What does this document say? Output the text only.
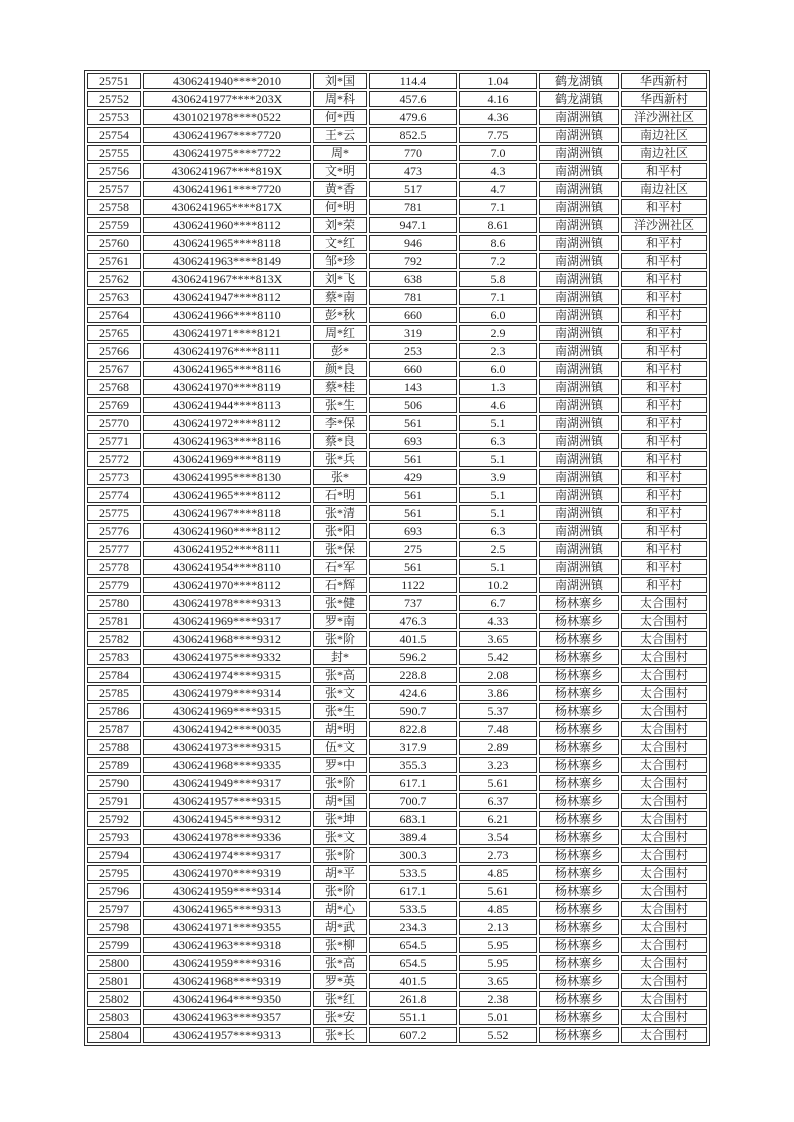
25751	4306241940****2010	刘*国	114.4	1.04	鹤龙湖镇	华西新村
25752	4306241977****203X	周*科	457.6	4.16	鹤龙湖镇	华西新村
25753	4301021978****0522	何*西	479.6	4.36	南湖洲镇	洋沙洲社区
25754	4306241967****7720	王*云	852.5	7.75	南湖洲镇	南边社区
25755	4306241975****7722	周*	770	7.0	南湖洲镇	南边社区
25756	4306241967****819X	文*明	473	4.3	南湖洲镇	和平村
25757	4306241961****7720	黄*香	517	4.7	南湖洲镇	南边社区
25758	4306241965****817X	何*明	781	7.1	南湖洲镇	和平村
25759	4306241960****8112	刘*荣	947.1	8.61	南湖洲镇	洋沙洲社区
25760	4306241965****8118	文*红	946	8.6	南湖洲镇	和平村
25761	4306241963****8149	邹*珍	792	7.2	南湖洲镇	和平村
25762	4306241967****813X	刘*飞	638	5.8	南湖洲镇	和平村
25763	4306241947****8112	蔡*南	781	7.1	南湖洲镇	和平村
25764	4306241966****8110	彭*秋	660	6.0	南湖洲镇	和平村
25765	4306241971****8121	周*红	319	2.9	南湖洲镇	和平村
25766	4306241976****8111	彭*	253	2.3	南湖洲镇	和平村
25767	4306241965****8116	颜*良	660	6.0	南湖洲镇	和平村
25768	4306241970****8119	蔡*桂	143	1.3	南湖洲镇	和平村
25769	4306241944****8113	张*生	506	4.6	南湖洲镇	和平村
25770	4306241972****8112	李*保	561	5.1	南湖洲镇	和平村
25771	4306241963****8116	蔡*良	693	6.3	南湖洲镇	和平村
25772	4306241969****8119	张*兵	561	5.1	南湖洲镇	和平村
25773	4306241995****8130	张*	429	3.9	南湖洲镇	和平村
25774	4306241965****8112	石*明	561	5.1	南湖洲镇	和平村
25775	4306241967****8118	张*清	561	5.1	南湖洲镇	和平村
25776	4306241960****8112	张*阳	693	6.3	南湖洲镇	和平村
25777	4306241952****8111	张*保	275	2.5	南湖洲镇	和平村
25778	4306241954****8110	石*军	561	5.1	南湖洲镇	和平村
25779	4306241970****8112	石*辉	1122	10.2	南湖洲镇	和平村
25780	4306241978****9313	张*健	737	6.7	杨林寨乡	太合围村
25781	4306241969****9317	罗*南	476.3	4.33	杨林寨乡	太合围村
25782	4306241968****9312	张*阶	401.5	3.65	杨林寨乡	太合围村
25783	4306241975****9332	封*	596.2	5.42	杨林寨乡	太合围村
25784	4306241974****9315	张*高	228.8	2.08	杨林寨乡	太合围村
25785	4306241979****9314	张*文	424.6	3.86	杨林寨乡	太合围村
25786	4306241969****9315	张*生	590.7	5.37	杨林寨乡	太合围村
25787	4306241942****0035	胡*明	822.8	7.48	杨林寨乡	太合围村
25788	4306241973****9315	伍*文	317.9	2.89	杨林寨乡	太合围村
25789	4306241968****9335	罗*中	355.3	3.23	杨林寨乡	太合围村
25790	4306241949****9317	张*阶	617.1	5.61	杨林寨乡	太合围村
25791	4306241957****9315	胡*国	700.7	6.37	杨林寨乡	太合围村
25792	4306241945****9312	张*坤	683.1	6.21	杨林寨乡	太合围村
25793	4306241978****9336	张*文	389.4	3.54	杨林寨乡	太合围村
25794	4306241974****9317	张*阶	300.3	2.73	杨林寨乡	太合围村
25795	4306241970****9319	胡*平	533.5	4.85	杨林寨乡	太合围村
25796	4306241959****9314	张*阶	617.1	5.61	杨林寨乡	太合围村
25797	4306241965****9313	胡*心	533.5	4.85	杨林寨乡	太合围村
25798	4306241971****9355	胡*武	234.3	2.13	杨林寨乡	太合围村
25799	4306241963****9318	张*柳	654.5	5.95	杨林寨乡	太合围村
25800	4306241959****9316	张*高	654.5	5.95	杨林寨乡	太合围村
25801	4306241968****9319	罗*英	401.5	3.65	杨林寨乡	太合围村
25802	4306241964****9350	张*红	261.8	2.38	杨林寨乡	太合围村
25803	4306241963****9357	张*安	551.1	5.01	杨林寨乡	太合围村
25804	4306241957****9313	张*长	607.2	5.52	杨林寨乡	太合围村
